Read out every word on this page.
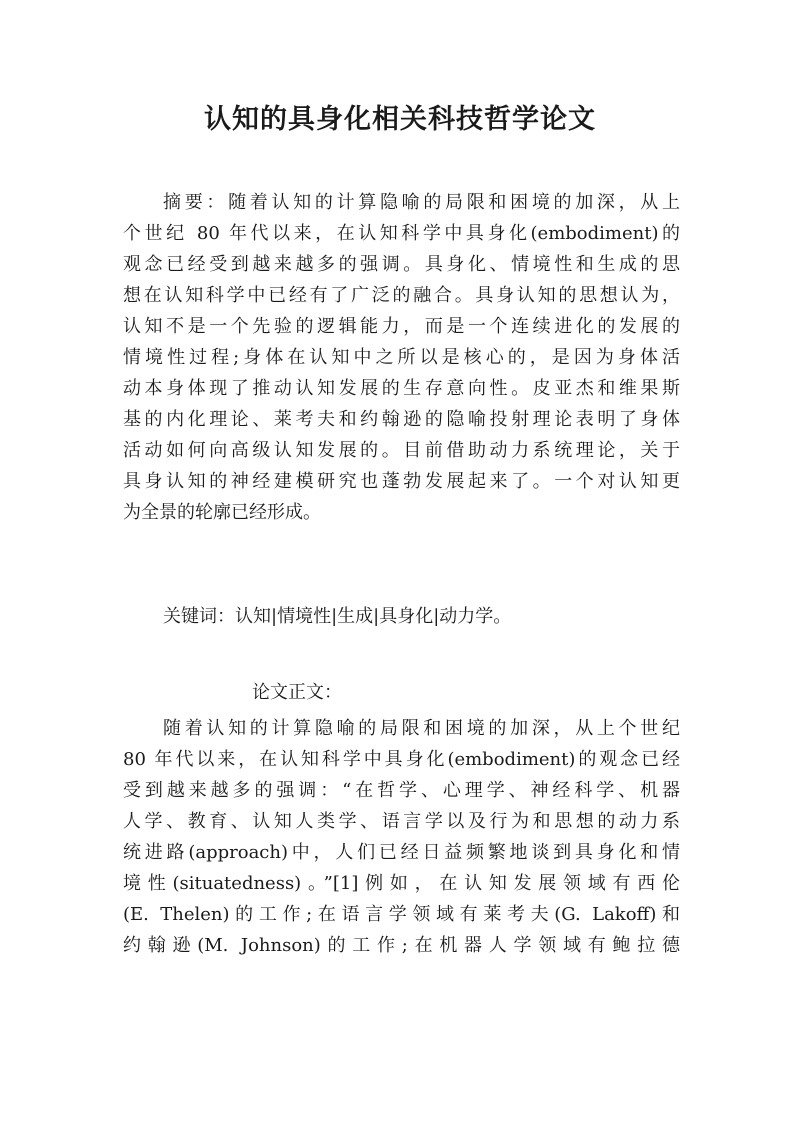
认知的具身化相关科技哲学论文
摘要：随着认知的计算隐喻的局限和困境的加深，从上
个世纪 80 年代以来，在认知科学中具身化(embodiment)的
观念已经受到越来越多的强调。具身化、情境性和生成的思
想在认知科学中已经有了广泛的融合。具身认知的思想认为，
认知不是一个先验的逻辑能力，而是一个连续进化的发展的
情境性过程;身体在认知中之所以是核心的，是因为身体活
动本身体现了推动认知发展的生存意向性。皮亚杰和维果斯
基的内化理论、莱考夫和约翰逊的隐喻投射理论表明了身体
活动如何向高级认知发展的。目前借助动力系统理论，关于
具身认知的神经建模研究也蓬勃发展起来了。一个对认知更
为全景的轮廓已经形成。
关键词：认知|情境性|生成|具身化|动力学。
论文正文：
随着认知的计算隐喻的局限和困境的加深，从上个世纪
80 年代以来，在认知科学中具身化(embodiment)的观念已经
受到越来越多的强调：“在哲学、心理学、神经科学、机器
人学、教育、认知人类学、语言学以及行为和思想的动力系
统进路(approach)中，人们已经日益频繁地谈到具身化和情
境性(situatedness)。”[1]例如，在认知发展领域有西伦
(E. Thelen)的工作;在语言学领域有莱考夫(G. Lakoff)和
约翰逊(M. Johnson)的工作;在机器人学领域有鲍拉德
